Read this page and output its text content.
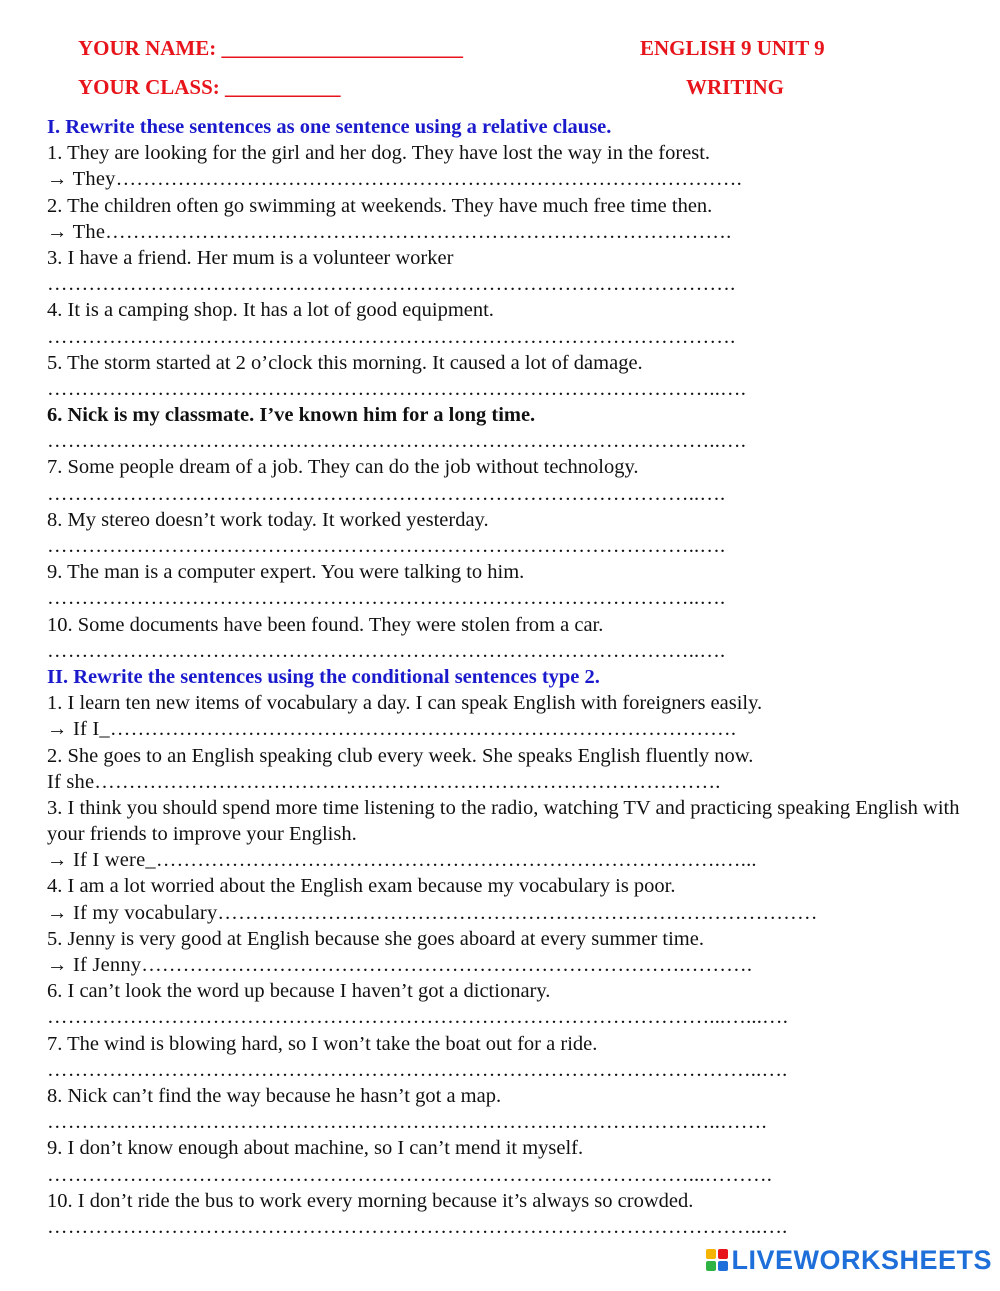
YOUR NAME: _______________________	ENGLISH 9 UNIT 9
YOUR CLASS: ___________	WRITING
I. Rewrite these sentences as one sentence using a relative clause.
1. They are looking for the girl and her dog. They have lost the way in the forest.
→ They……………………………………………………………………………….
2. The children often go swimming at weekends. They have much free time then.
→ The……………………………………………………………………………….
3. I have a friend. Her mum is a volunteer worker
……………………………………………………………………………………….
4. It is a camping shop. It has a lot of good equipment.
……………………………………………………………………………………….
5. The storm started at 2 o’clock this morning. It caused a lot of damage.
……………………………………………………………………………………..….
6. Nick is my classmate. I’ve known him for a long time.
……………………………………………………………………………………..….
7. Some people dream of a job. They can do the job without technology.
…………………………………………………………………………………..….
8. My stereo doesn’t work today. It worked yesterday.
…………………………………………………………………………………..….
9. The man is a computer expert. You were talking to him.
…………………………………………………………………………………..….
10. Some documents have been found. They were stolen from a car.
…………………………………………………………………………………..….
II. Rewrite the sentences using the conditional sentences type 2.
1. I learn ten new items of vocabulary a day. I can speak English with foreigners easily.
→ If I_……………………………………………………………………………….
2. She goes to an English speaking club every week. She speaks English fluently now.
If she……………………………………………………………………………….
3. I think you should spend more time listening to the radio, watching TV and practicing speaking English with your friends to improve your English.
→ If I were_……………………………………………………………………….…...
4. I am a lot worried about the English exam because my vocabulary is poor.
→ If my vocabulary……………………………………………………………………………
5. Jenny is very good at English because she goes aboard at every summer time.
→ If Jenny…………………………………………………………………….……….
6. I can’t look the word up because I haven’t got a dictionary.
……………………………………………………………………………………...…...….
7. The wind is blowing hard, so I won’t take the boat out for a ride.
…………………………………………………………………………………………..….
8. Nick can’t find the way because he hasn’t got a map.
……………………………………………………………………………………..…….
9. I don’t know enough about machine, so I can’t mend it myself.
…………………………………………………………………………………...……….
10. I don’t ride the bus to work every morning because it’s always so crowded.
…………………………………………………………………………………………..….
LIVEWORKSHEETS
